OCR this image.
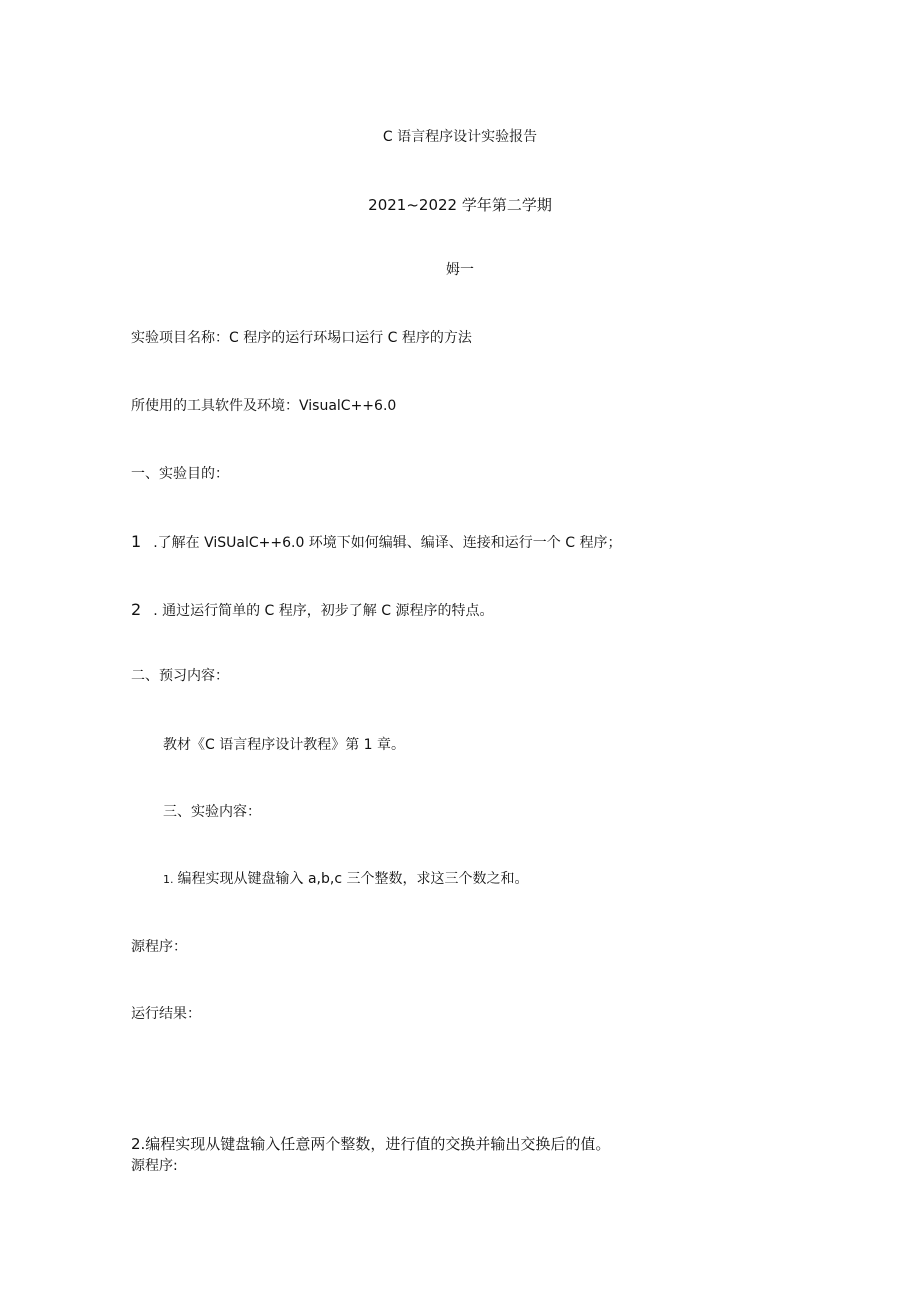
C 语言程序设计实验报告
2021~2022 学年第二学期
姆一
实验项目名称：C 程序的运行环埸口运行 C 程序的方法
所使用的工具软件及环境：VisualC++6.0
一、实验目的：
1 .了解在 ViSUalC++6.0 环境下如何编辑、编译、连接和运行一个 C 程序；
2 . 通过运行简单的 C 程序，初步了解 C 源程序的特点。
二、预习内容：
教材《C 语言程序设计教程》第 1 章。
三、实验内容：
1. 编程实现从键盘输入 a,b,c 三个整数，求这三个数之和。
源程序：
运行结果：
2.编程实现从键盘输入任意两个整数，进行值的交换并输出交换后的值。
源程序:
